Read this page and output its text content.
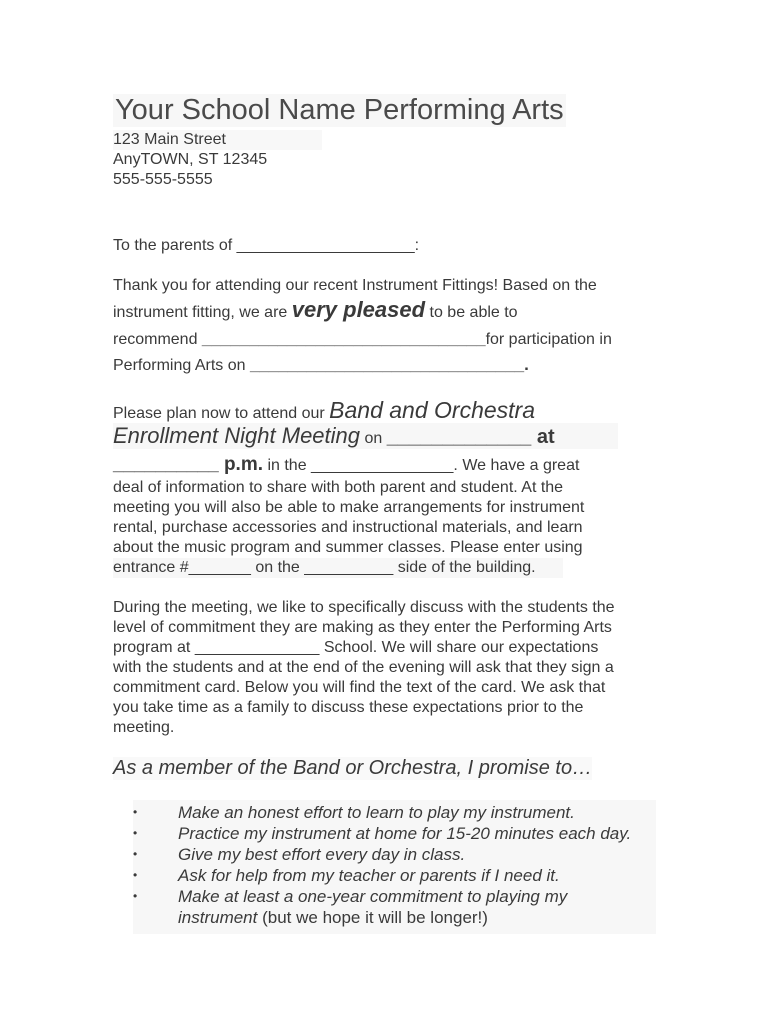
Your School Name Performing Arts
123 Main Street
AnyTOWN, ST 12345
555-555-5555
To the parents of ____________________:
Thank you for attending our recent Instrument Fittings! Based on the
instrument fitting, we are very pleased to be able to
recommend ______________________________for participation in
Performing Arts on _____________________________.
Please plan now to attend our Band and Orchestra
Enrollment Night Meeting on _____________ at
__________ p.m. in the ________________. We have a great
deal of information to share with both parent and student. At the
meeting you will also be able to make arrangements for instrument
rental, purchase accessories and instructional materials, and learn
about the music program and summer classes. Please enter using
entrance #_______ on the __________ side of the building.
During the meeting, we like to specifically discuss with the students the
level of commitment they are making as they enter the Performing Arts
program at ______________ School. We will share our expectations
with the students and at the end of the evening will ask that they sign a
commitment card. Below you will find the text of the card. We ask that
you take time as a family to discuss these expectations prior to the
meeting.
As a member of the Band or Orchestra, I promise to…
•	Make an honest effort to learn to play my instrument.
•	Practice my instrument at home for 15-20 minutes each day.
•	Give my best effort every day in class.
•	Ask for help from my teacher or parents if I need it.
•	Make at least a one-year commitment to playing my
instrument (but we hope it will be longer!)
